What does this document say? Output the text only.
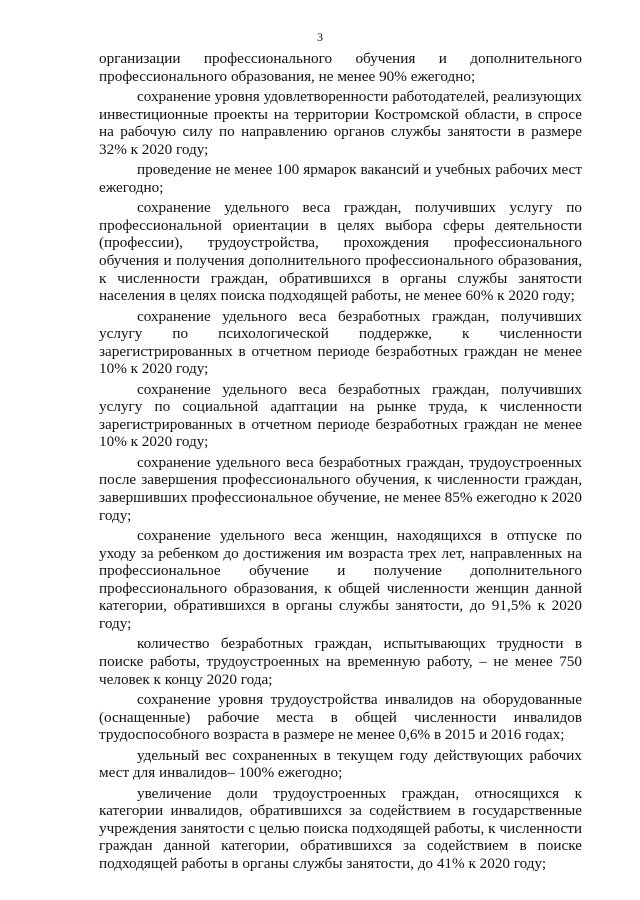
3

организации профессионального обучения и дополнительного профессионального образования, не менее 90% ежегодно;

сохранение уровня удовлетворенности работодателей, реализующих инвестиционные проекты на территории Костромской области, в спросе на рабочую силу по направлению органов службы занятости в размере 32% к 2020 году;

проведение не менее 100 ярмарок вакансий и учебных рабочих мест ежегодно;

сохранение удельного веса граждан, получивших услугу по профессиональной ориентации в целях выбора сферы деятельности (профессии), трудоустройства, прохождения профессионального обучения и получения дополнительного профессионального образования, к численности граждан, обратившихся в органы службы занятости населения в целях поиска подходящей работы, не менее 60% к 2020 году;

сохранение удельного веса безработных граждан, получивших услугу по психологической поддержке, к численности зарегистрированных в отчетном периоде безработных граждан не менее 10% к 2020 году;

сохранение удельного веса безработных граждан, получивших услугу по социальной адаптации на рынке труда, к численности зарегистрированных в отчетном периоде безработных граждан не менее 10% к 2020 году;

сохранение удельного веса безработных граждан, трудоустроенных после завершения профессионального обучения, к численности граждан, завершивших профессиональное обучение, не менее 85% ежегодно к 2020 году;

сохранение удельного веса женщин, находящихся в отпуске по уходу за ребенком до достижения им возраста трех лет, направленных на профессиональное обучение и получение дополнительного профессионального образования, к общей численности женщин данной категории, обратившихся в органы службы занятости, до 91,5% к 2020 году;

количество безработных граждан, испытывающих трудности в поиске работы, трудоустроенных на временную работу, – не менее 750 человек к концу 2020 года;

сохранение уровня трудоустройства инвалидов на оборудованные (оснащенные) рабочие места в общей численности инвалидов трудоспособного возраста в размере не менее 0,6% в 2015 и 2016 годах;

удельный вес сохраненных в текущем году действующих рабочих мест для инвалидов– 100% ежегодно;

увеличение доли трудоустроенных граждан, относящихся к категории инвалидов, обратившихся за содействием в государственные учреждения занятости с целью поиска подходящей работы, к численности граждан данной категории, обратившихся за содействием в поиске подходящей работы в органы службы занятости, до 41% к 2020 году;
